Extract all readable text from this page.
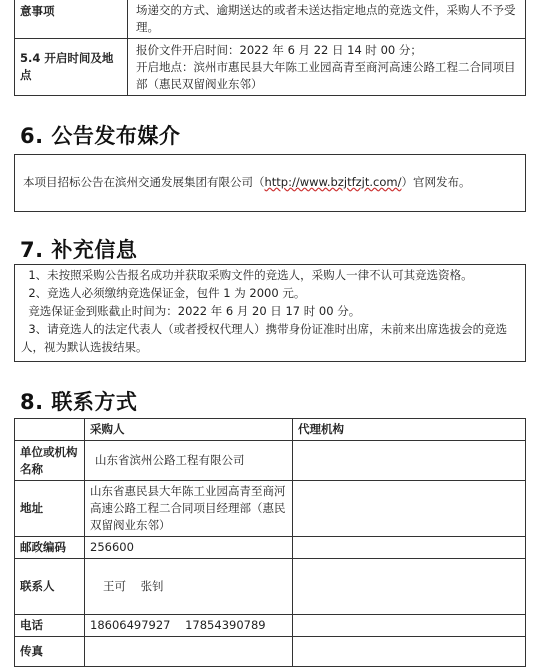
意事项	场递交的方式、逾期送达的或者未送达指定地点的竞选文件，采购人不予受理。
5.4 开启时间及地点	报价文件开启时间：2022 年 6 月 22 日 14 时 00 分；
开启地点：滨州市惠民县大年陈工业园高青至商河高速公路工程二合同项目部（惠民双留阀业东邻）
6. 公告发布媒介
本项目招标公告在滨州交通发展集团有限公司（http://www.bzjtfzjt.com/）官网发布。
7. 补充信息
1、未按照采购公告报名成功并获取采购文件的竞选人，采购人一律不认可其竞选资格。
2、竞选人必须缴纳竞选保证金，包件 1 为 2000 元。
竞选保证金到账截止时间为：2022 年 6 月 20 日 17 时 00 分。
3、请竞选人的法定代表人（或者授权代理人）携带身份证准时出席，未前来出席选拔会的竞选人，视为默认选拔结果。
8. 联系方式
	采购人	代理机构
单位或机构名称	山东省滨州公路工程有限公司	
地址	山东省惠民县大年陈工业园高青至商河高速公路工程二合同项目经理部（惠民双留阀业东邻）	
邮政编码	256600	
联系人	王可    张钊	
电话	18606497927    17854390789	
传真		
